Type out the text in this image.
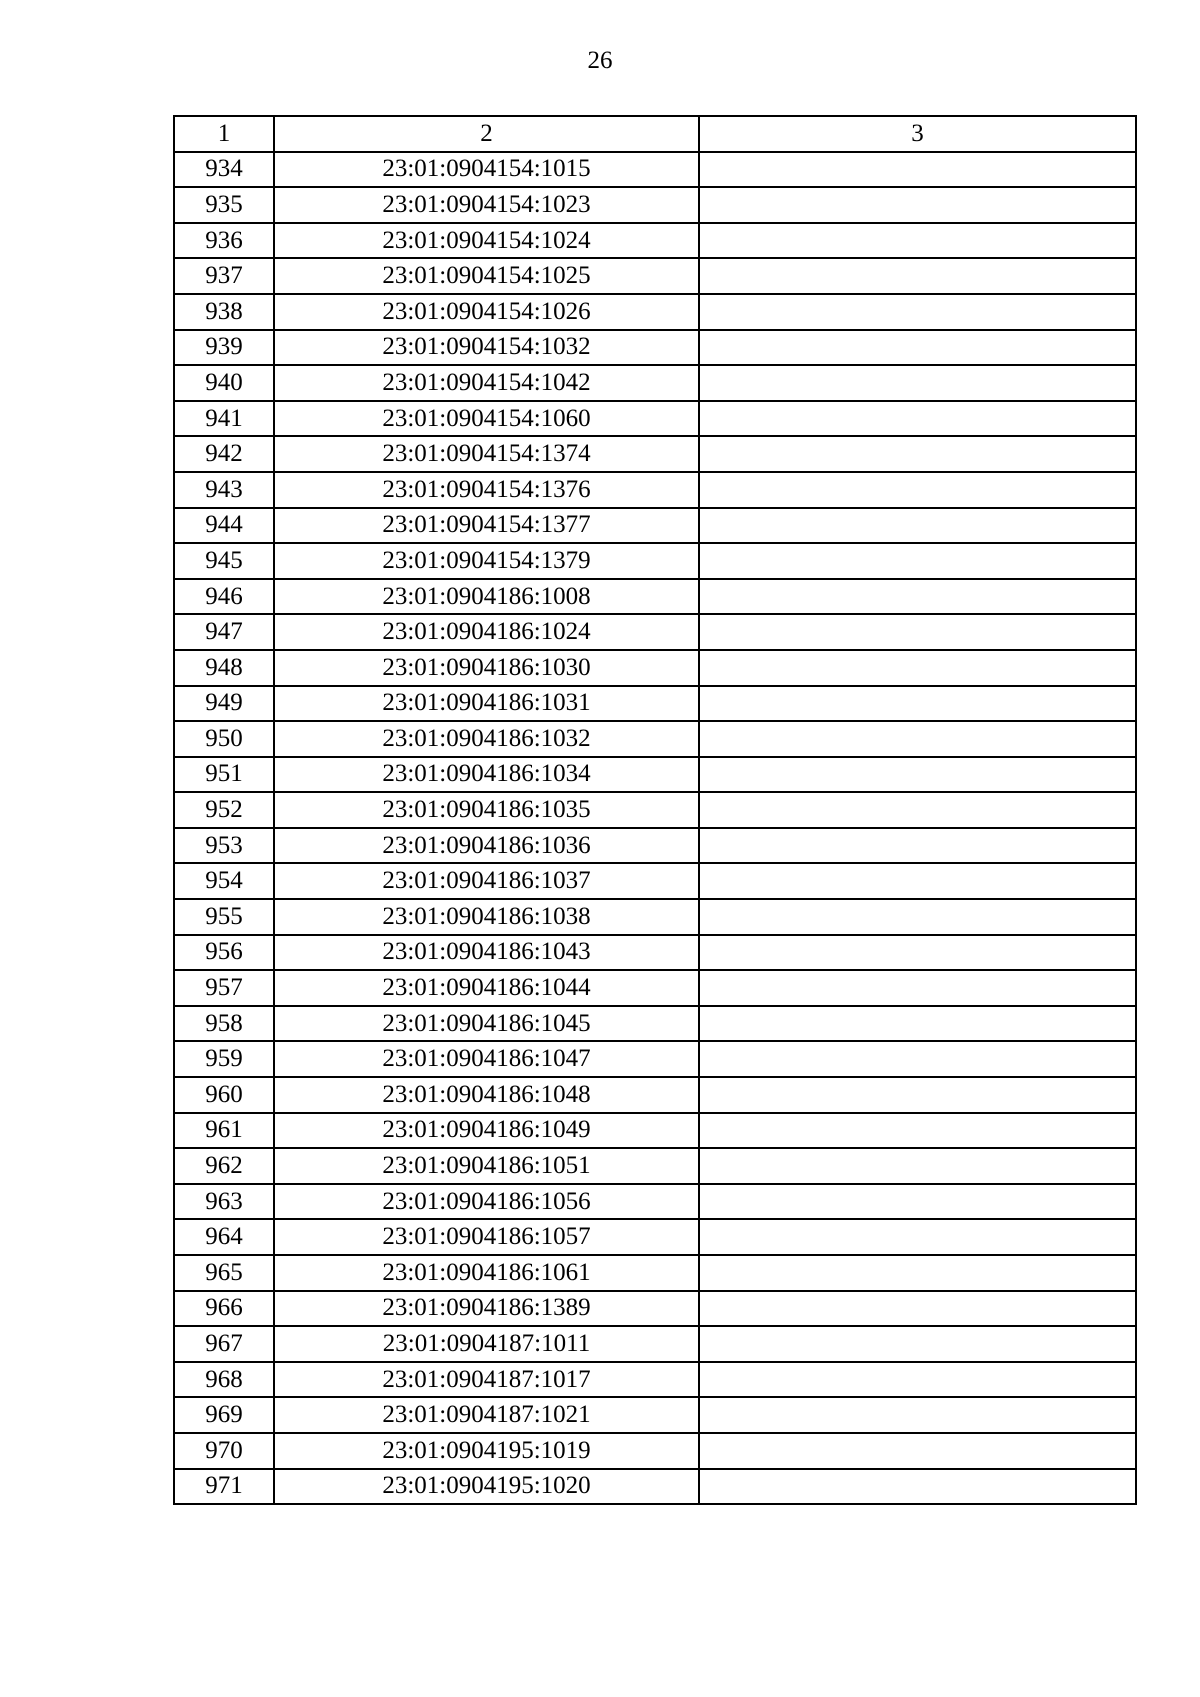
26
1	2	3
934	23:01:0904154:1015	
935	23:01:0904154:1023	
936	23:01:0904154:1024	
937	23:01:0904154:1025	
938	23:01:0904154:1026	
939	23:01:0904154:1032	
940	23:01:0904154:1042	
941	23:01:0904154:1060	
942	23:01:0904154:1374	
943	23:01:0904154:1376	
944	23:01:0904154:1377	
945	23:01:0904154:1379	
946	23:01:0904186:1008	
947	23:01:0904186:1024	
948	23:01:0904186:1030	
949	23:01:0904186:1031	
950	23:01:0904186:1032	
951	23:01:0904186:1034	
952	23:01:0904186:1035	
953	23:01:0904186:1036	
954	23:01:0904186:1037	
955	23:01:0904186:1038	
956	23:01:0904186:1043	
957	23:01:0904186:1044	
958	23:01:0904186:1045	
959	23:01:0904186:1047	
960	23:01:0904186:1048	
961	23:01:0904186:1049	
962	23:01:0904186:1051	
963	23:01:0904186:1056	
964	23:01:0904186:1057	
965	23:01:0904186:1061	
966	23:01:0904186:1389	
967	23:01:0904187:1011	
968	23:01:0904187:1017	
969	23:01:0904187:1021	
970	23:01:0904195:1019	
971	23:01:0904195:1020	
